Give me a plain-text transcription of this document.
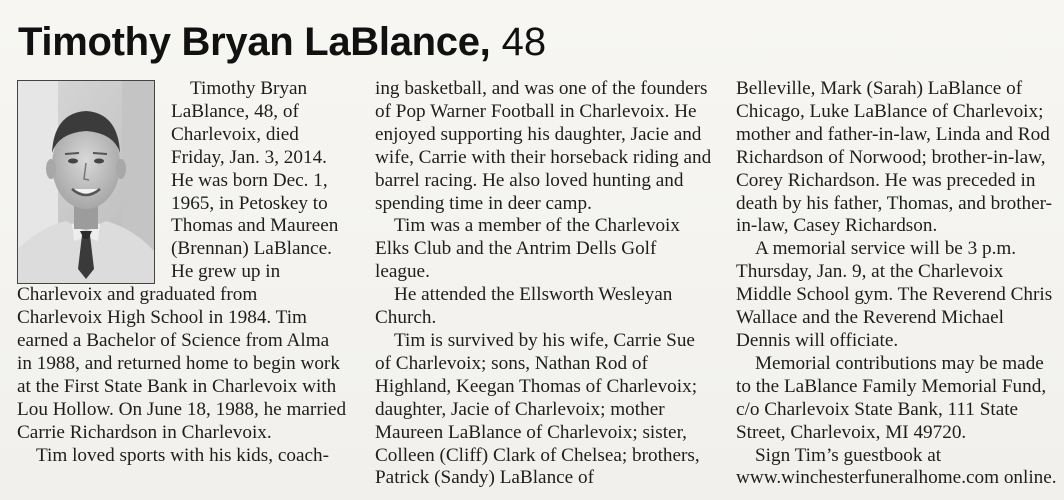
Timothy Bryan LaBlance, 48

Timothy Bryan LaBlance, 48, of Charlevoix, died Friday, Jan. 3, 2014. He was born Dec. 1, 1965, in Petoskey to Thomas and Maureen (Brennan) LaBlance. He grew up in Charlevoix and graduated from Charlevoix High School in 1984. Tim earned a Bachelor of Science from Alma in 1988, and returned home to begin work at the First State Bank in Charlevoix with Lou Hollow. On June 18, 1988, he married Carrie Richardson in Charlevoix.

Tim loved sports with his kids, coach-

ing basketball, and was one of the founders of Pop Warner Football in Charlevoix. He enjoyed supporting his daughter, Jacie and wife, Carrie with their horseback riding and barrel racing. He also loved hunting and spending time in deer camp.

Tim was a member of the Charlevoix Elks Club and the Antrim Dells Golf league.

He attended the Ellsworth Wesleyan Church.

Tim is survived by his wife, Carrie Sue of Charlevoix; sons, Nathan Rod of Highland, Keegan Thomas of Charlevoix; daughter, Jacie of Charlevoix; mother Maureen LaBlance of Charlevoix; sister, Colleen (Cliff) Clark of Chelsea; brothers, Patrick (Sandy) LaBlance of

Belleville, Mark (Sarah) LaBlance of Chicago, Luke LaBlance of Charlevoix; mother and father-in-law, Linda and Rod Richardson of Norwood; brother-in-law, Corey Richardson. He was preceded in death by his father, Thomas, and brother-in-law, Casey Richardson.

A memorial service will be 3 p.m. Thursday, Jan. 9, at the Charlevoix Middle School gym. The Reverend Chris Wallace and the Reverend Michael Dennis will officiate.

Memorial contributions may be made to the LaBlance Family Memorial Fund, c/o Charlevoix State Bank, 111 State Street, Charlevoix, MI 49720.

Sign Tim’s guestbook at www.winchesterfuneralhome.com online.
